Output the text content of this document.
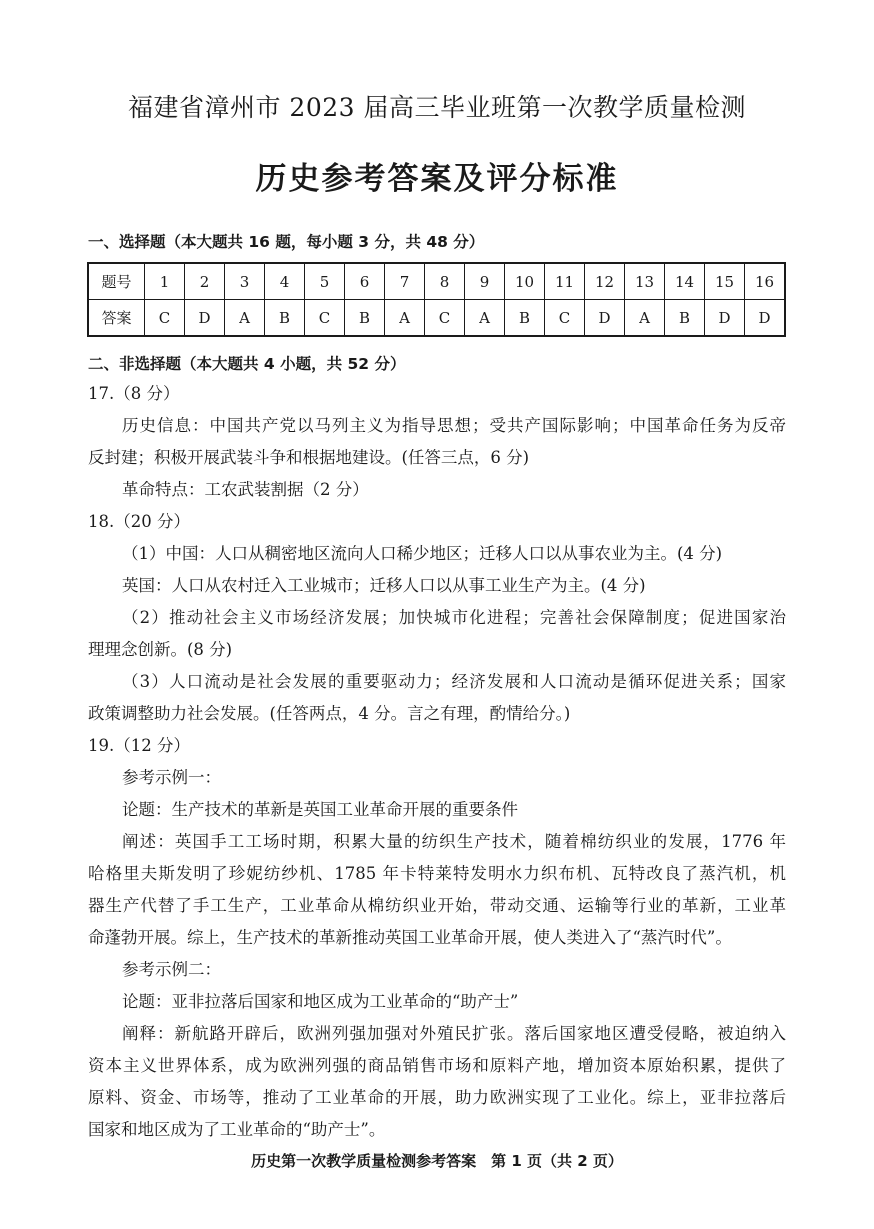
福建省漳州市 2023 届高三毕业班第一次教学质量检测
历史参考答案及评分标准
一、选择题（本大题共 16 题，每小题 3 分，共 48 分）
题号	1	2	3	4	5	6	7	8	9	10	11	12	13	14	15	16
答案	C	D	A	B	C	B	A	C	A	B	C	D	A	B	D	D
二、非选择题（本大题共 4 小题，共 52 分）
17.（8 分）
历史信息：中国共产党以马列主义为指导思想；受共产国际影响；中国革命任务为反帝
反封建；积极开展武装斗争和根据地建设。(任答三点，6 分)
革命特点：工农武装割据（2 分）
18.（20 分）
（1）中国：人口从稠密地区流向人口稀少地区；迁移人口以从事农业为主。(4 分)
英国：人口从农村迁入工业城市；迁移人口以从事工业生产为主。(4 分)
（2）推动社会主义市场经济发展；加快城市化进程；完善社会保障制度；促进国家治
理理念创新。(8 分)
（3）人口流动是社会发展的重要驱动力；经济发展和人口流动是循环促进关系；国家
政策调整助力社会发展。(任答两点，4 分。言之有理，酌情给分。)
19.（12 分）
参考示例一：
论题：生产技术的革新是英国工业革命开展的重要条件
阐述：英国手工工场时期，积累大量的纺织生产技术，随着棉纺织业的发展，1776 年
哈格里夫斯发明了珍妮纺纱机、1785 年卡特莱特发明水力织布机、瓦特改良了蒸汽机，机
器生产代替了手工生产，工业革命从棉纺织业开始，带动交通、运输等行业的革新，工业革
命蓬勃开展。综上，生产技术的革新推动英国工业革命开展，使人类进入了“蒸汽时代”。
参考示例二：
论题：亚非拉落后国家和地区成为工业革命的“助产士”
阐释：新航路开辟后，欧洲列强加强对外殖民扩张。落后国家地区遭受侵略，被迫纳入
资本主义世界体系，成为欧洲列强的商品销售市场和原料产地，增加资本原始积累，提供了
原料、资金、市场等，推动了工业革命的开展，助力欧洲实现了工业化。综上，亚非拉落后
国家和地区成为了工业革命的“助产士”。
历史第一次教学质量检测参考答案　第 1 页（共 2 页）
